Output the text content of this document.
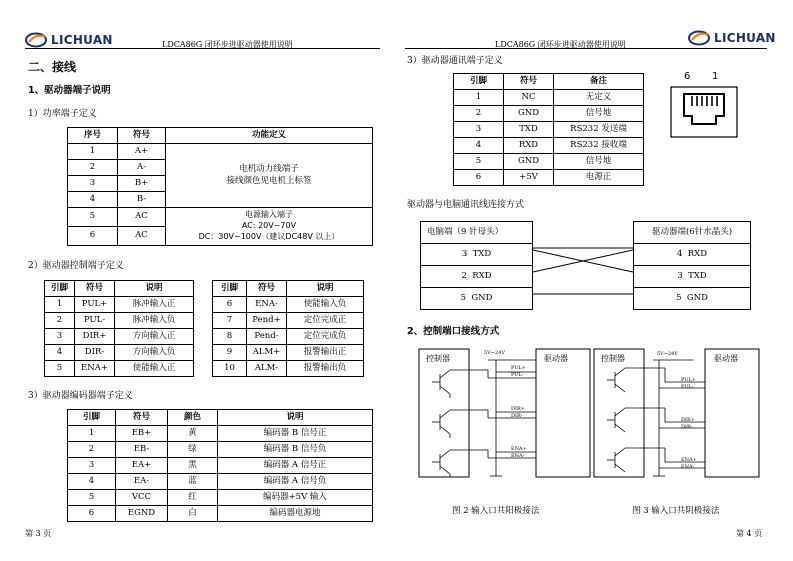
LICHUAN	LDCA86G 闭环步进驱动器使用说明
二、接线
1、驱动器端子说明
1）功率端子定义
序号	符号	功能定义
1	A+	电机动力线端子
接线颜色见电机上标签

2	A-	
3	B+	
4	B-	
5	AC	电源输入端子
AC: 20V~70V
DC：30V~100V（建议DC48V 以上）

6	AC	
2）驱动器控制端子定义
引脚	符号	说明
1	PUL+	脉冲输入正
2	PUL-	脉冲输入负
3	DIR+	方向输入正
4	DIR-	方向输入负
5	ENA+	使能输入正
引脚	符号	说明
6	ENA-	使能输入负
7	Pend+	定位完成正
8	Pend-	定位完成负
9	ALM+	报警输出正
10	ALM-	报警输出负
3）驱动器编码器端子定义
引脚	符号	颜色	说明
1	EB+	黄	编码器 B 信号正
2	EB-	绿	编码器 B 信号负
3	EA+	黑	编码器 A 信号正
4	EA-	蓝	编码器 A 信号负
5	VCC	红	编码器+5V 输入
6	EGND	白	编码器电源地
第 3 页
LDCA86G 闭环步进驱动器使用说明	LICHUAN
3）驱动器通讯端子定义
引脚	符号	备注
1	NC	无定义
2	GND	信号地
3	TXD	RS232 发送端
4	RXD	RS232 接收端
5	GND	信号地
6	+5V	电源正
6 1
驱动器与电脑通讯线连接方式
电脑端（9 针母头）
3 TXD
2 RXD
5 GND
驱动器端(6针水晶头)
4 RXD
3 TXD
5 GND
2、控制端口接线方式
控制器	驱动器
5V~24V
PUL+
PUL-
DIR+
DIR-
ENA+
ENA-
图 2 输入口共阳极接法
控制器	驱动器
5V~24V
PUL+
PUL-
DIR+
DIR-
ENA+
ENA-
图 3 输入口共阴极接法
第 4 页
